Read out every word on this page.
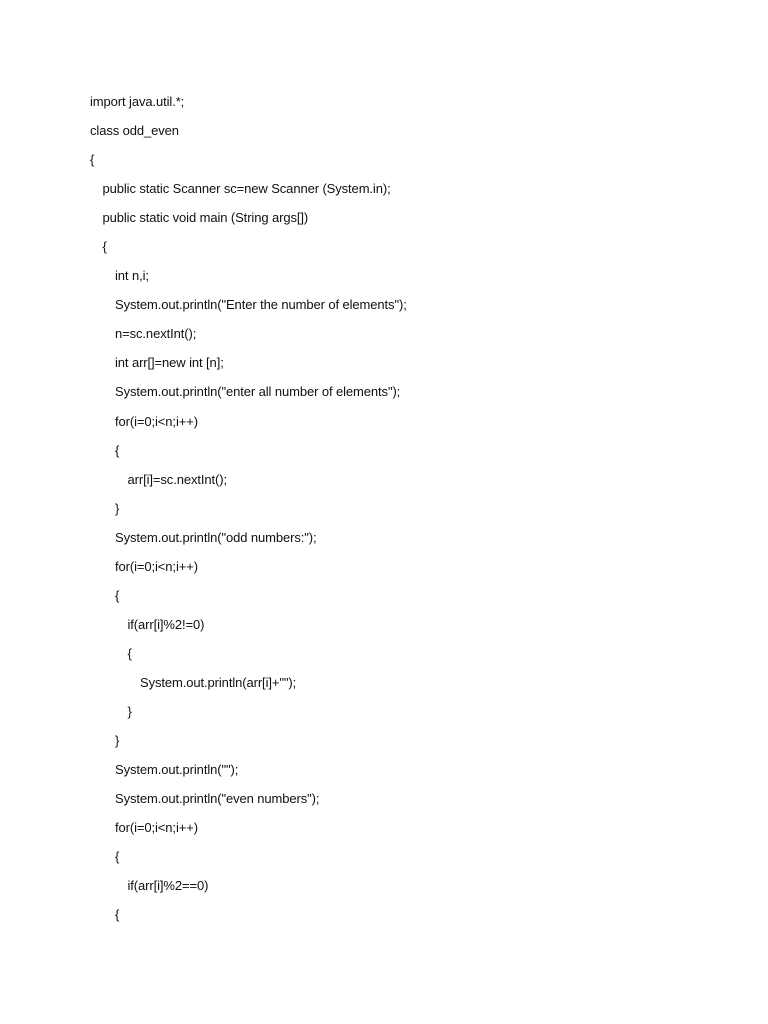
import java.util.*;
class odd_even
{
public static Scanner sc=new Scanner (System.in);
public static void main (String args[])
{
int n,i;
System.out.println("Enter the number of elements");
n=sc.nextInt();
int arr[]=new int [n];
System.out.println("enter all number of elements");
for(i=0;i<n;i++)
{
arr[i]=sc.nextInt();
}
System.out.println("odd numbers:");
for(i=0;i<n;i++)
{
if(arr[i]%2!=0)
{
System.out.println(arr[i]+"");
}
}
System.out.println("");
System.out.println("even numbers");
for(i=0;i<n;i++)
{
if(arr[i]%2==0)
{
